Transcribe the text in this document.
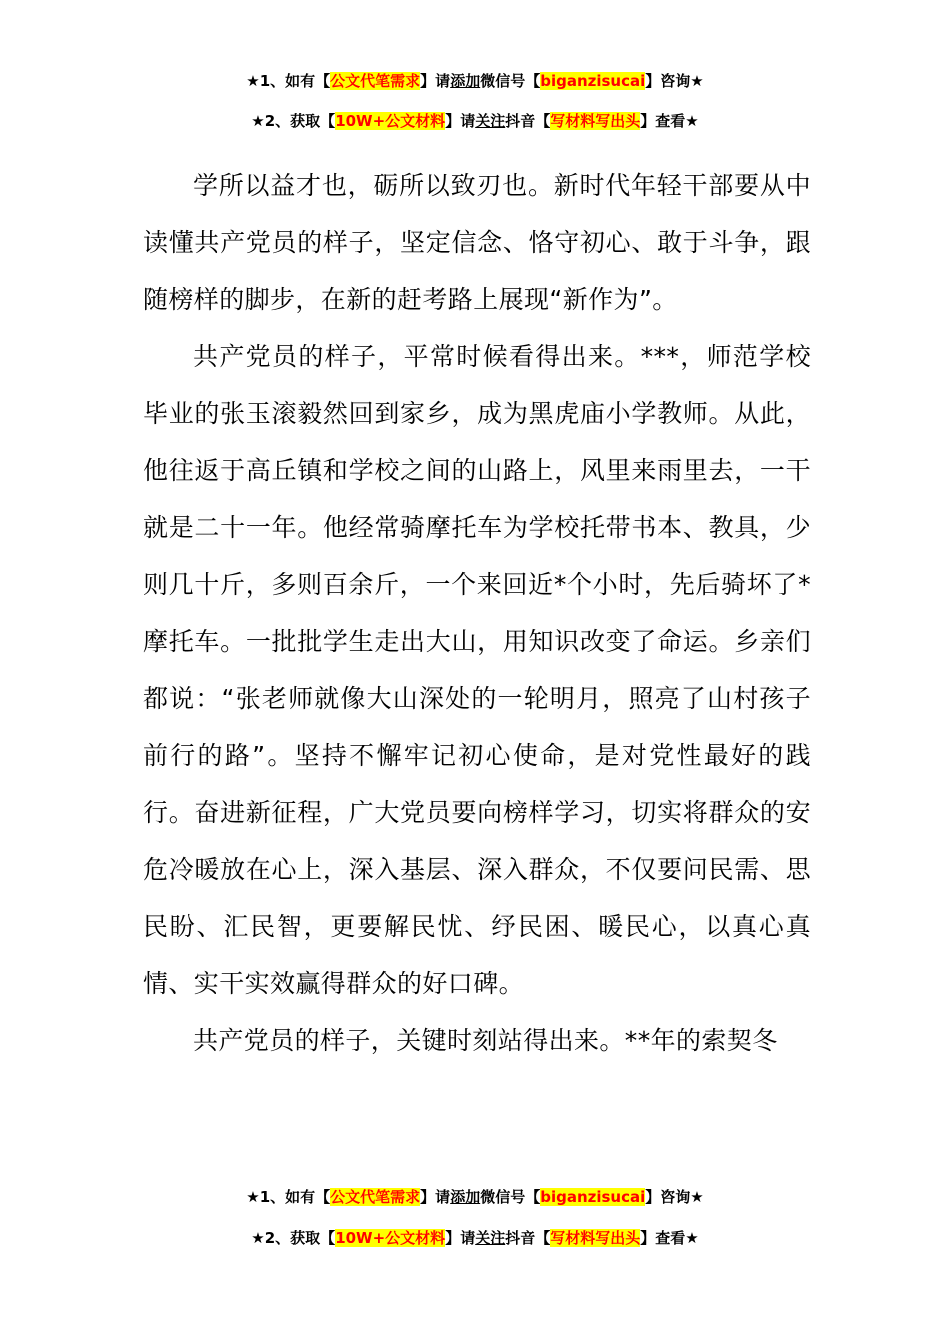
★1、如有【公文代笔需求】请添加微信号【biganzisucai】咨询★
★2、获取【10W+公文材料】请关注抖音【写材料写出头】查看★

学所以益才也，砺所以致刃也。新时代年轻干部要从中读懂共产党员的样子，坚定信念、恪守初心、敢于斗争，跟随榜样的脚步，在新的赶考路上展现“新作为”。

共产党员的样子，平常时候看得出来。***，师范学校毕业的张玉滚毅然回到家乡，成为黑虎庙小学教师。从此，他往返于高丘镇和学校之间的山路上，风里来雨里去，一干就是二十一年。他经常骑摩托车为学校托带书本、教具，少则几十斤，多则百余斤，一个来回近*个小时，先后骑坏了*摩托车。一批批学生走出大山，用知识改变了命运。乡亲们都说：“张老师就像大山深处的一轮明月，照亮了山村孩子前行的路”。坚持不懈牢记初心使命，是对党性最好的践行。奋进新征程，广大党员要向榜样学习，切实将群众的安危冷暖放在心上，深入基层、深入群众，不仅要问民需、思民盼、汇民智，更要解民忧、纾民困、暖民心，以真心真情、实干实效赢得群众的好口碑。

共产党员的样子，关键时刻站得出来。**年的索契冬

★1、如有【公文代笔需求】请添加微信号【biganzisucai】咨询★
★2、获取【10W+公文材料】请关注抖音【写材料写出头】查看★
